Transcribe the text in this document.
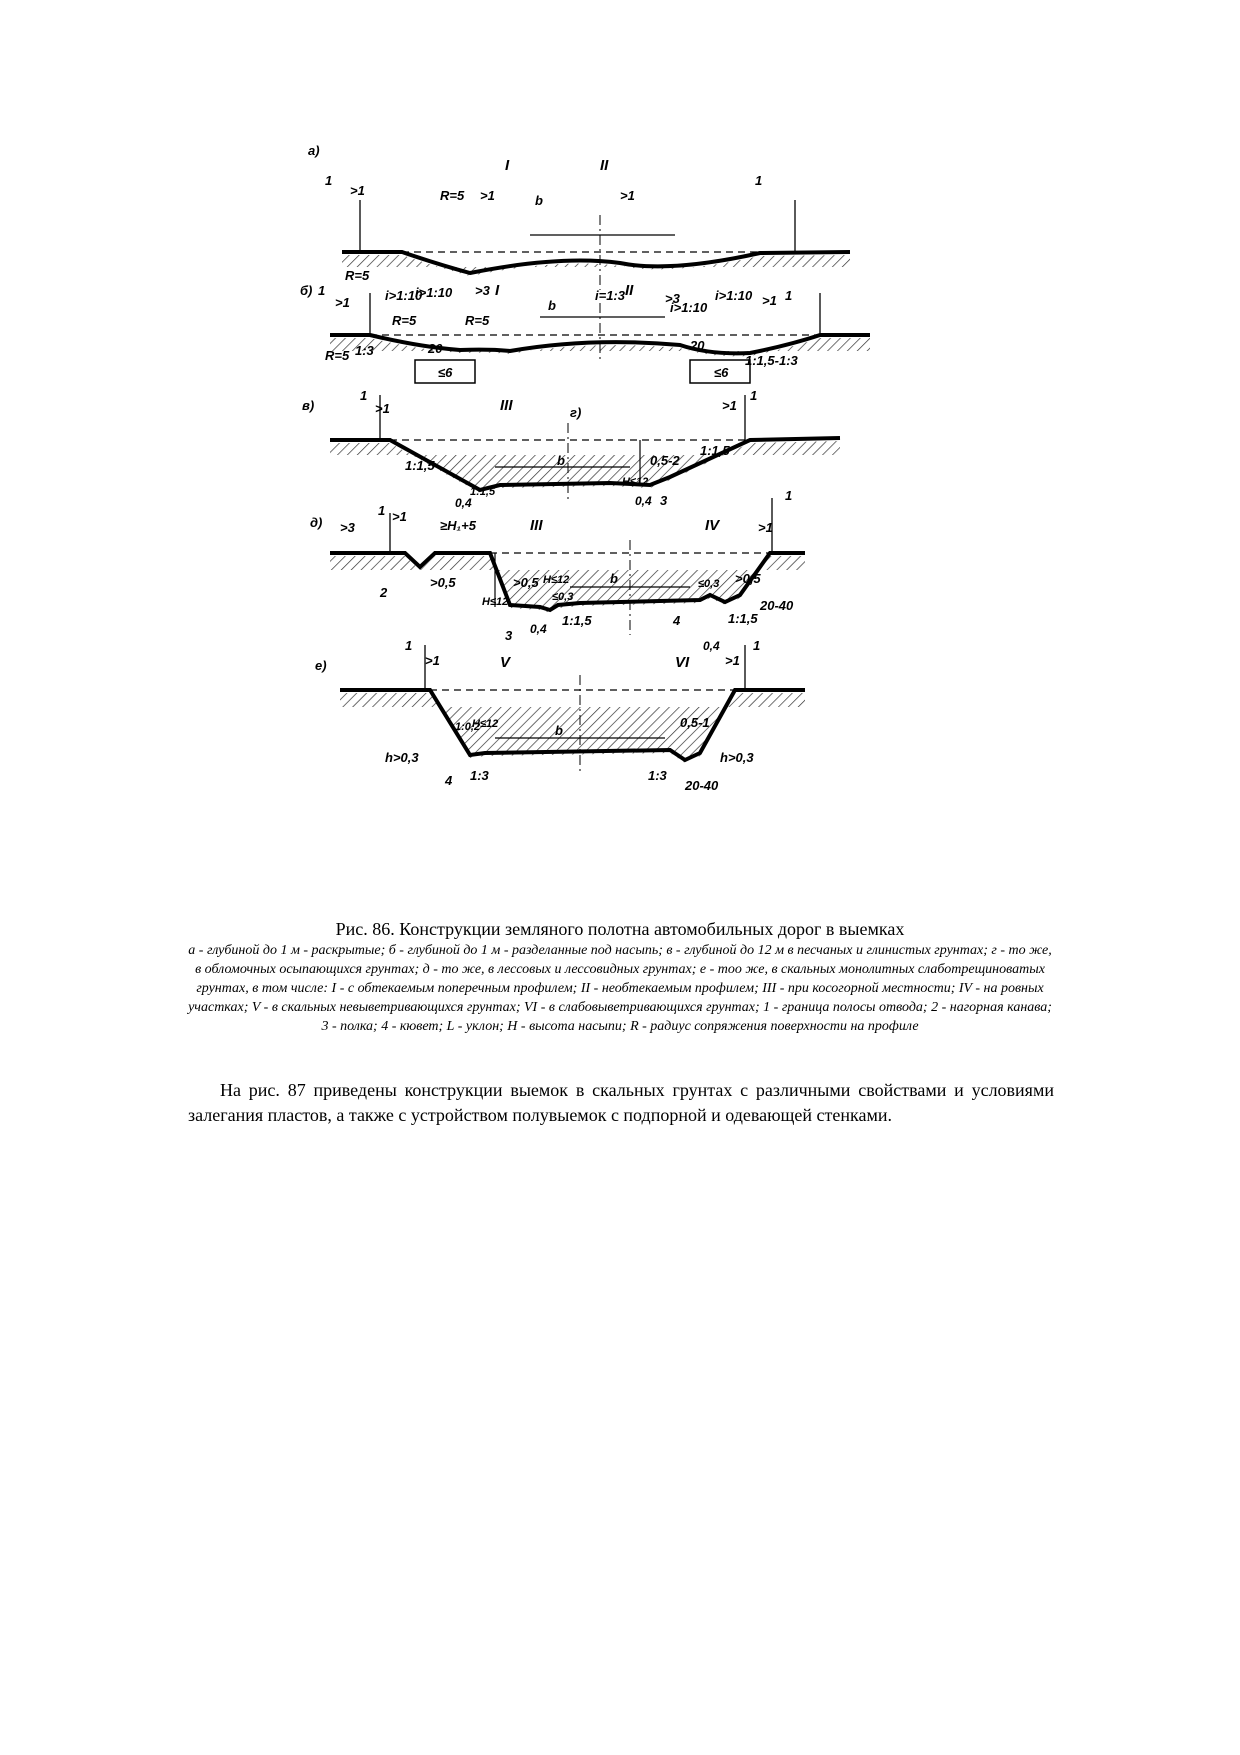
а)
I	II
1
>1	R=5	b
>1	>1
1
i>1:10	>3	i=1:3	>3	i>1:10
R=5
б) 1
>1
i>1:10
R=5	R=5
I	II
b	i>1:10	>1 1
R=5 1:3	20
≤6
20
≤6
1:1,5-1:3
в)
1
>1	III	г)	>1
1
1:1,5
H≤12
b	0,5-2
1:1,5
1:1,5
0,4	0,4 3
д) >3
1 >1
≥H₁+5	III	IV	>1
1
2
>0,5
H≤12
>0,5 H≤12
≤0,3
b	≤0,3 >0,5
20-40
3 0,4
1:1,5	4	1:1,5
0,4
е)
1
>1	V	VI	>1
1
1:0,2
H≤12	b
0,5-1
h>0,3	h>0,3
4 1:3	1:3
20-40
Рис. 86. Конструкции земляного полотна автомобильных дорог в выемках
а - глубиной до 1 м - раскрытые; б - глубиной до 1 м - разделанные под насыпь; в - глубиной до 12 м в песчаных и глинистых грунтах; г - то же, в обломочных осыпающихся грунтах; д - то же, в лессовых и лессовидных грунтах; е - тоо же, в скальных монолитных слаботрещиноватых грунтах, в том числе: I - с обтекаемым поперечным профилем; II - необтекаемым профилем; III - при косогорной местности; IV - на ровных участках; V - в скальных невыветривающихся грунтах; VI - в слабовыветривающихся грунтах; 1 - граница полосы отвода; 2 - нагорная канава; 3 - полка; 4 - кювет; L - уклон; H - высота насыпи; R - радиус сопряжения поверхности на профиле

На рис. 87 приведены конструкции выемок в скальных грунтах с различными свойствами и условиями залегания пластов, а также с устройством полувыемок с подпорной и одевающей стенками.
